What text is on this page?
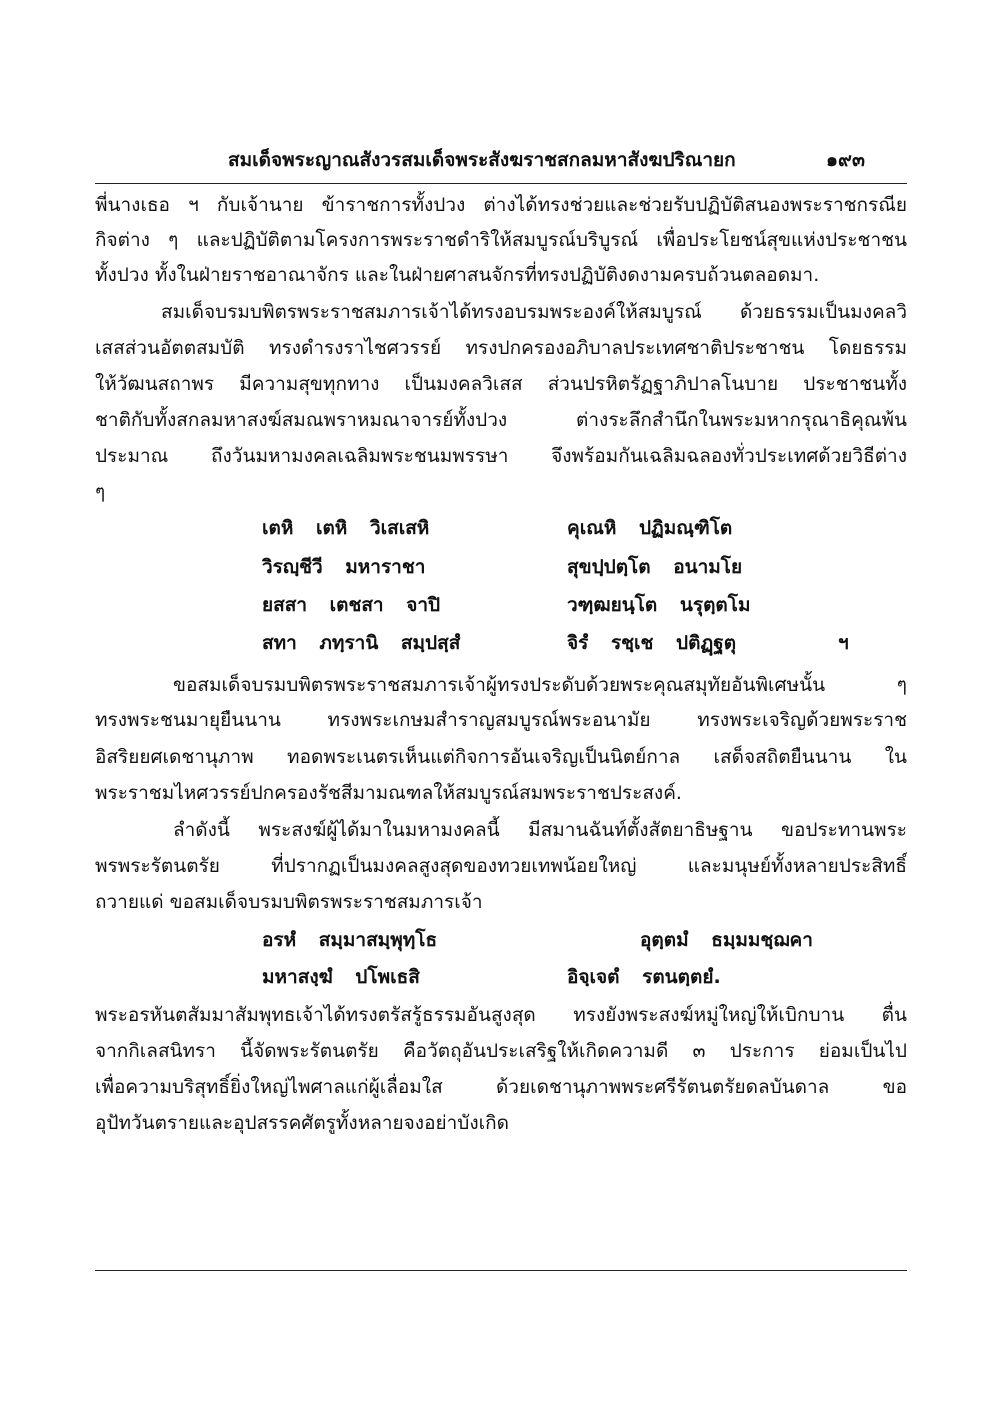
สมเด็จพระญาณสังวรสมเด็จพระสังฆราชสกลมหาสังฆปริณายก	๑๙๓
พี่นางเธอ ฯ กับเจ้านาย ข้าราชการทั้งปวง ต่างได้ทรงช่วยและช่วยรับปฏิบัติสนองพระราชกรณีย
กิจต่าง ๆ และปฏิบัติตามโครงการพระราชดำริให้สมบูรณ์บริบูรณ์ เพื่อประโยชน์สุขแห่งประชาชน
ทั้งปวง ทั้งในฝ่ายราชอาณาจักร และในฝ่ายศาสนจักรที่ทรงปฏิบัติงดงามครบถ้วนตลอดมา.
สมเด็จบรมบพิตรพระราชสมภารเจ้าได้ทรงอบรมพระองค์ให้สมบูรณ์ ด้วยธรรมเป็นมงคลวิ
เสสส่วนอัตตสมบัติ ทรงดำรงราไชศวรรย์ ทรงปกครองอภิบาลประเทศชาติประชาชน โดยธรรม
ให้วัฒนสถาพร มีความสุขทุกทาง เป็นมงคลวิเสส ส่วนปรหิตรัฏฐาภิปาลโนบาย ประชาชนทั้ง
ชาติกับทั้งสกลมหาสงฆ์สมณพราหมณาจารย์ทั้งปวง ต่างระลึกสำนึกในพระมหากรุณาธิคุณพ้น
ประมาณ ถึงวันมหามงคลเฉลิมพระชนมพรรษา จึงพร้อมกันเฉลิมฉลองทั่วประเทศด้วยวิธีต่าง
ๆ
เตหิ เตหิ วิเสเสหิ	คุเณหิ ปฏิมณฺฑิโต
วิรญฺชีวี มหาราชา	สุขปฺปตฺโต อนามโย
ยสสา เตชสา จาปิ	วฑฺฒยนฺโต นรุตฺตโม
สทา ภทฺรานิ สมฺปสฺสํ	จิรํ รชฺเช ปติฏฺฐตุ	ฯ
ขอสมเด็จบรมบพิตรพระราชสมภารเจ้าผู้ทรงประดับด้วยพระคุณสมุทัยอันพิเศษนั้น ๆ
ทรงพระชนมายุยืนนาน ทรงพระเกษมสำราญสมบูรณ์พระอนามัย ทรงพระเจริญด้วยพระราช
อิสริยยศเดชานุภาพ ทอดพระเนตรเห็นแต่กิจการอันเจริญเป็นนิตย์กาล เสด็จสถิตยืนนาน ใน
พระราชมไหศวรรย์ปกครองรัชสีมามณฑลให้สมบูรณ์สมพระราชประสงค์.
ลำดังนี้ พระสงฆ์ผู้ได้มาในมหามงคลนี้ มีสมานฉันท์ตั้งสัตยาธิษฐาน ขอประทานพระ
พรพระรัตนตรัย ที่ปรากฏเป็นมงคลสูงสุดของทวยเทพน้อยใหญ่ และมนุษย์ทั้งหลายประสิทธิ์
ถวายแด่ ขอสมเด็จบรมบพิตรพระราชสมภารเจ้า
อรหํ สมฺมาสมฺพุทฺโธ	อุตฺตมํ ธมฺมมชฺฌคา
มหาสงฺฆํ ปโพเธสิ	อิจฺเจตํ รตนตฺตยํ.
พระอรหันตสัมมาสัมพุทธเจ้าได้ทรงตรัสรู้ธรรมอันสูงสุด ทรงยังพระสงฆ์หมู่ใหญ่ให้เบิกบาน ตื่น
จากกิเลสนิทรา นี้จัดพระรัตนตรัย คือวัตถุอันประเสริฐให้เกิดความดี ๓ ประการ ย่อมเป็นไป
เพื่อความบริสุทธิ์ยิ่งใหญ่ไพศาลแก่ผู้เลื่อมใส ด้วยเดชานุภาพพระศรีรัตนตรัยดลบันดาล ขอ
อุปัทวันตรายและอุปสรรคศัตรูทั้งหลายจงอย่าบังเกิด
